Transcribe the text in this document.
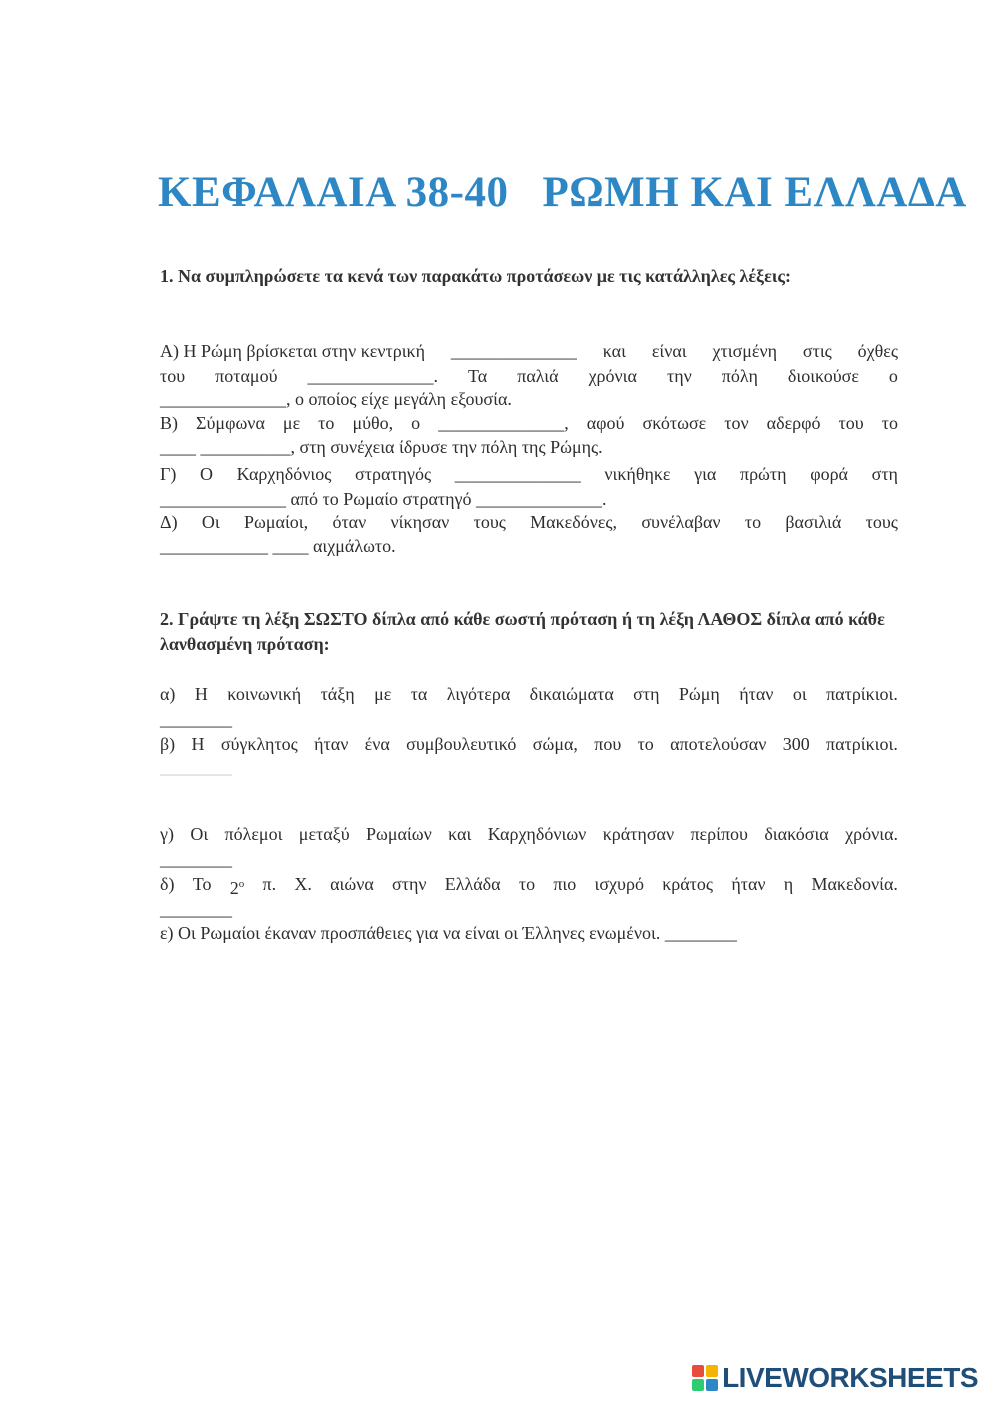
ΚΕΦΑΛΑΙΑ 38-40 ΡΩΜΗ ΚΑΙ ΕΛΛΑΔΑ
1. Να συμπληρώσετε τα κενά των παρακάτω προτάσεων με τις κατάλληλες λέξεις:
Α) Η Ρώμη βρίσκεται στην κεντρική ______________ και είναι χτισμένη στις όχθες
του ποταμού ______________. Τα παλιά χρόνια την πόλη διοικούσε ο
______________, ο οποίος είχε μεγάλη εξουσία.
Β) Σύμφωνα με το μύθο, ο ______________, αφού σκότωσε τον αδερφό του το
____ __________, στη συνέχεια ίδρυσε την πόλη της Ρώμης.
Γ) Ο Καρχηδόνιος στρατηγός ______________ νικήθηκε για πρώτη φορά στη
______________ από το Ρωμαίο στρατηγό ______________.
Δ) Οι Ρωμαίοι, όταν νίκησαν τους Μακεδόνες, συνέλαβαν το βασιλιά τους
____________ ____ αιχμάλωτο.
2. Γράψτε τη λέξη ΣΩΣΤΟ δίπλα από κάθε σωστή πρόταση ή τη λέξη ΛΑΘΟΣ δίπλα από κάθε λανθασμένη πρόταση:
α) Η κοινωνική τάξη με τα λιγότερα δικαιώματα στη Ρώμη ήταν οι πατρίκιοι.
________
β) Η σύγκλητος ήταν ένα συμβουλευτικό σώμα, που το αποτελούσαν 300 πατρίκιοι.
________
γ) Οι πόλεμοι μεταξύ Ρωμαίων και Καρχηδόνιων κράτησαν περίπου διακόσια χρόνια.
________
δ) Το $2^o$ π. Χ. αιώνα στην Ελλάδα το πιο ισχυρό κράτος ήταν η Μακεδονία.
________
ε) Οι Ρωμαίοι έκαναν προσπάθειες για να είναι οι Έλληνες ενωμένοι. ________
LIVEWORKSHEETS
